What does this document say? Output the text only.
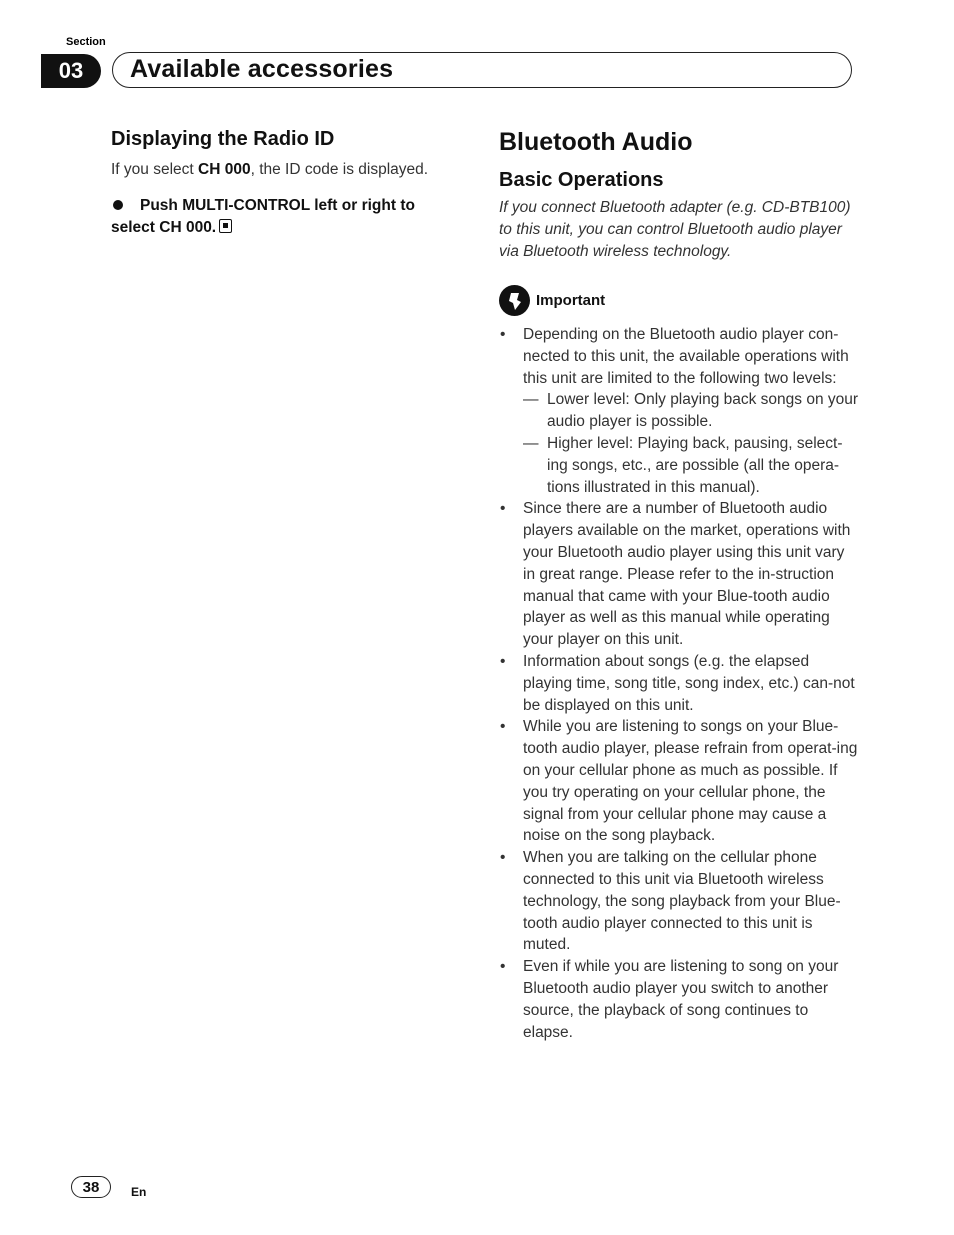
Section
03	Available accessories
Displaying the Radio ID

If you select CH 000, the ID code is displayed.

Push MULTI-CONTROL left or right to select CH 000.
Bluetooth Audio
Basic Operations

If you connect Bluetooth adapter (e.g. CD-BTB100) to this unit, you can control Bluetooth audio player via Bluetooth wireless technology.

Important
• Depending on the Bluetooth audio player con-nected to this unit, the available operations with this unit are limited to the following two levels:
— Lower level: Only playing back songs on your audio player is possible.
— Higher level: Playing back, pausing, select-ing songs, etc., are possible (all the opera-tions illustrated in this manual).
• Since there are a number of Bluetooth audio players available on the market, operations with your Bluetooth audio player using this unit vary in great range. Please refer to the in-struction manual that came with your Blue-tooth audio player as well as this manual while operating your player on this unit.
• Information about songs (e.g. the elapsed playing time, song title, song index, etc.) can-not be displayed on this unit.
• While you are listening to songs on your Blue-tooth audio player, please refrain from operat-ing on your cellular phone as much as possible. If you try operating on your cellular phone, the signal from your cellular phone may cause a noise on the song playback.
• When you are talking on the cellular phone connected to this unit via Bluetooth wireless technology, the song playback from your Blue-tooth audio player connected to this unit is muted.
• Even if while you are listening to song on your Bluetooth audio player you switch to another source, the playback of song continues to elapse.
38	En
